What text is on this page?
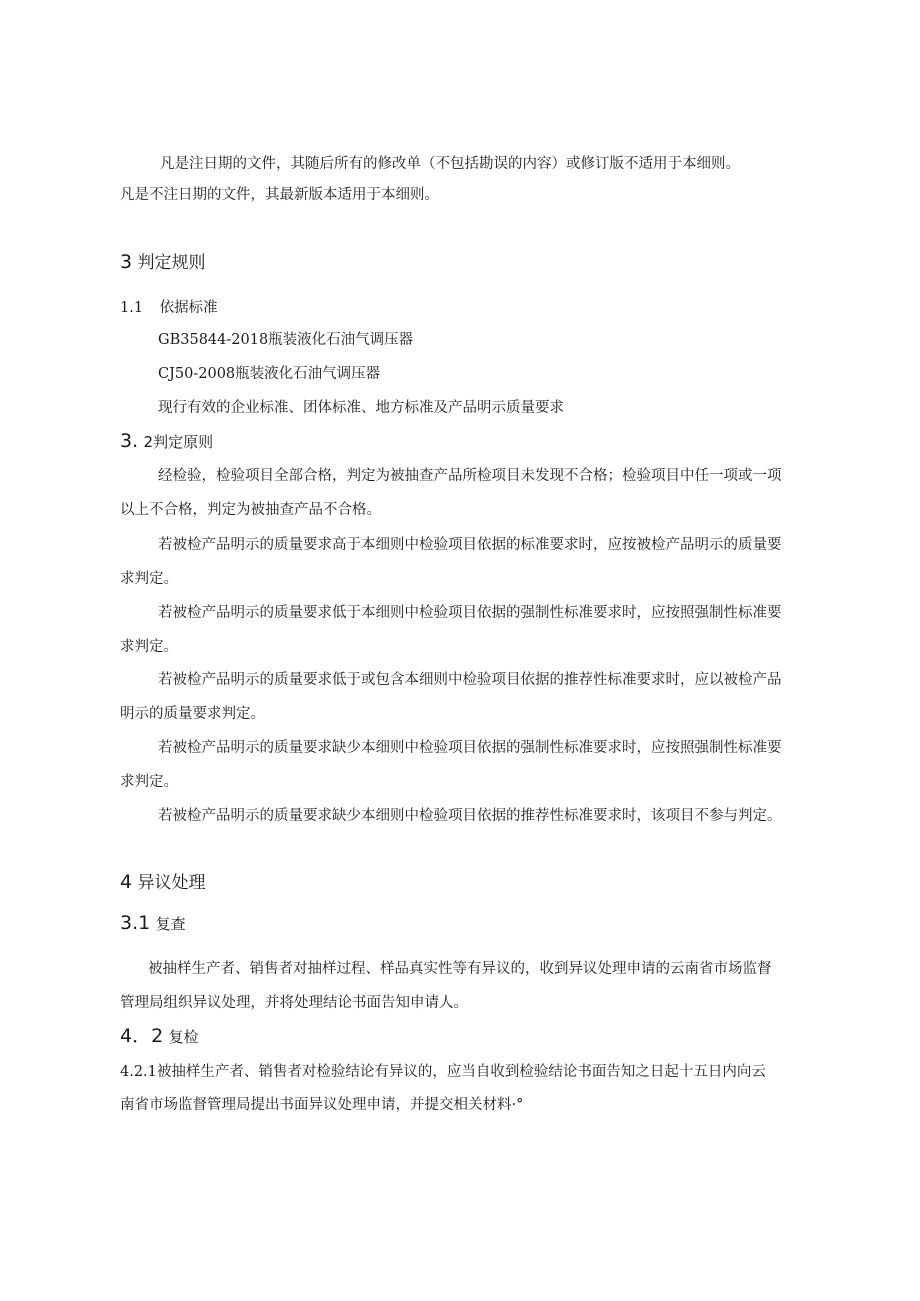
凡是注日期的文件，其随后所有的修改单（不包括勘误的内容）或修订版不适用于本细则。
凡是不注日期的文件，其最新版本适用于本细则。
3 判定规则
1.1 依据标准
GB35844-2018瓶装液化石油气调压器
CJ50-2008瓶装液化石油气调压器
现行有效的企业标准、团体标准、地方标准及产品明示质量要求
3. 2判定原则
经检验，检验项目全部合格，判定为被抽查产品所检项目未发现不合格；检验项目中任一项或一项
以上不合格，判定为被抽查产品不合格。
若被检产品明示的质量要求高于本细则中检验项目依据的标准要求时，应按被检产品明示的质量要
求判定。
若被检产品明示的质量要求低于本细则中检验项目依据的强制性标准要求时，应按照强制性标准要
求判定。
若被检产品明示的质量要求低于或包含本细则中检验项目依据的推荐性标准要求时，应以被检产品
明示的质量要求判定。
若被检产品明示的质量要求缺少本细则中检验项目依据的强制性标准要求时，应按照强制性标准要
求判定。
若被检产品明示的质量要求缺少本细则中检验项目依据的推荐性标准要求时，该项目不参与判定。
4 异议处理
3.1 复查
被抽样生产者、销售者对抽样过程、样品真实性等有异议的，收到异议处理申请的云南省市场监督
管理局组织异议处理，并将处理结论书面告知申请人。
4．2 复检
4.2.1被抽样生产者、销售者对检验结论有异议的，应当自收到检验结论书面告知之日起十五日内向云
南省市场监督管理局提出书面异议处理申请，并提交相关材料·°
